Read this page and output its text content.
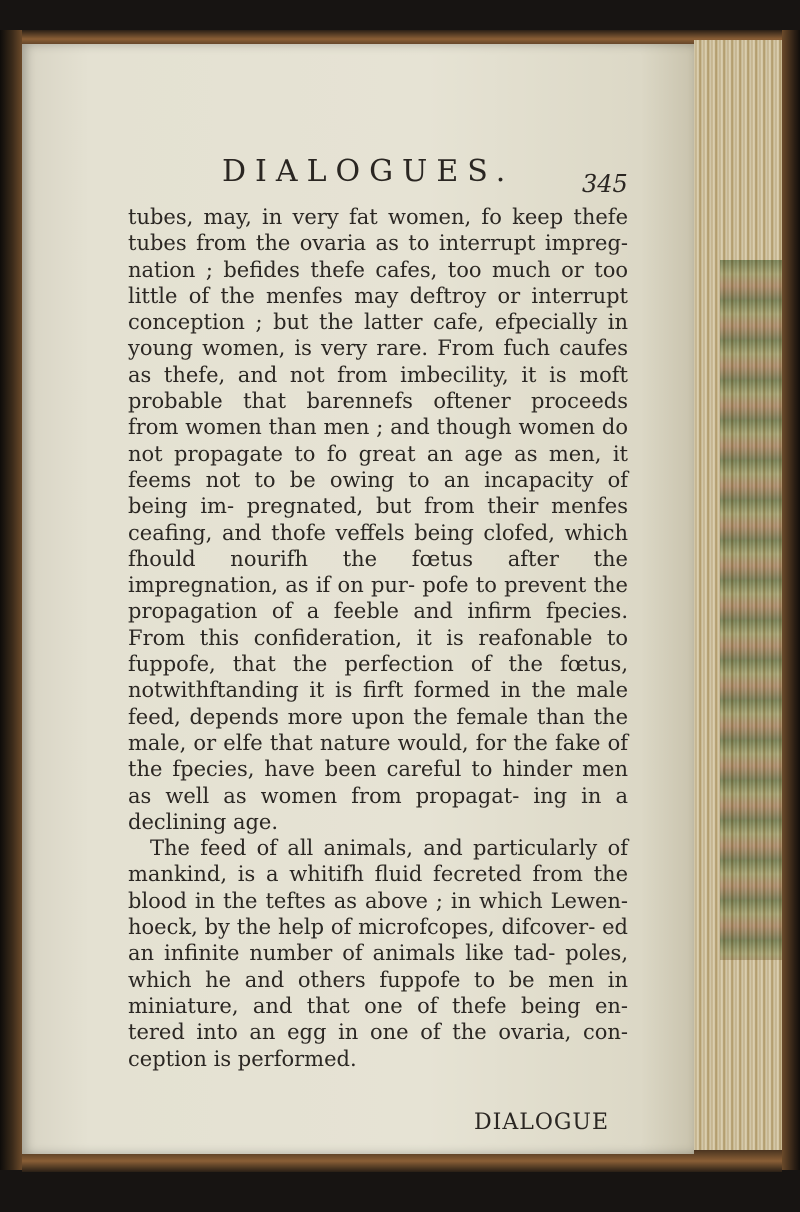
DIALOGUES.	345

tubes, may, in very fat women, fo keep thefe tubes from the ovaria as to interrupt impreg- nation ; befides thefe cafes, too much or too little of the menfes may deftroy or interrupt conception ; but the latter cafe, efpecially in young women, is very rare. From fuch caufes as thefe, and not from imbecility, it is moft probable that barennefs oftener proceeds from women than men ; and though women do not propagate to fo great an age as men, it feems not to be owing to an incapacity of being im- pregnated, but from their menfes ceafing, and thofe veffels being clofed, which fhould nourifh the fœtus after the impregnation, as if on pur- pofe to prevent the propagation of a feeble and infirm fpecies. From this confideration, it is reafonable to fuppofe, that the perfection of the fœtus, notwithftanding it is firft formed in the male feed, depends more upon the female than the male, or elfe that nature would, for the fake of the fpecies, have been careful to hinder men as well as women from propagat- ing in a declining age.

The feed of all animals, and particularly of mankind, is a whitifh fluid fecreted from the blood in the teftes as above ; in which Lewen- hoeck, by the help of microfcopes, difcover- ed an infinite number of animals like tad- poles, which he and others fuppofe to be men in miniature, and that one of thefe being en- tered into an egg in one of the ovaria, con- ception is performed.

DIALOGUE
